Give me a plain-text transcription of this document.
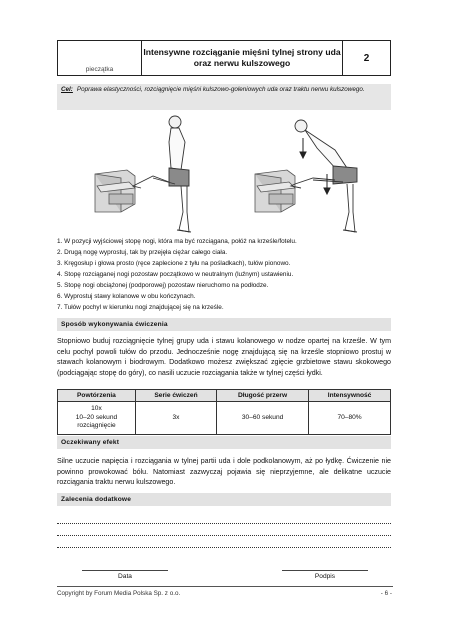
pieczątka
Intensywne rozciąganie mięśni tylnej strony uda oraz nerwu kulszowego	2
Cel: Poprawa elastyczności, rozciągnięcie mięśni kulszowo-goleniowych uda oraz traktu nerwu kulszowego.
1. W pozycji wyjściowej stopę nogi, która ma być rozciągana, połóż na krześle/fotelu.
2. Drugą nogę wyprostuj, tak by przejęła ciężar całego ciała.
3. Kręgosłup i głowa prosto (ręce zaplecione z tyłu na pośladkach), tułów pionowo.
4. Stopę rozciąganej nogi pozostaw początkowo w neutralnym (luźnym) ustawieniu.
5. Stopę nogi obciążonej (podporowej) pozostaw nieruchomo na podłodze.
6. Wyprostuj stawy kolanowe w obu kończynach.
7. Tułów pochyl w kierunku nogi znajdującej się na krześle.
Sposób wykonywania ćwiczenia
Stopniowo buduj rozciągnięcie tylnej grupy uda i stawu kolanowego w nodze opartej na krześle. W tym celu pochyl powoli tułów do przodu. Jednocześnie nogę znajdującą się na krześle stopniowo prostuj w stawach kolanowym i biodrowym. Dodatkowo możesz zwiększać zgięcie grzbietowe stawu skokowego (podciągając stopę do góry), co nasili uczucie rozciągania także w tylnej części łydki.
Powtórzenia	Serie ćwiczeń	Długość przerw	Intensywność

10x
10–20 sekund
rozciągnięcie	3x	30–60 sekund	70–80%
Oczekiwany efekt
Silne uczucie napięcia i rozciągania w tylnej partii uda i dole podkolanowym, aż po łydkę. Ćwiczenie nie powinno prowokować bólu. Natomiast zazwyczaj pojawia się nieprzyjemne, ale delikatne uczucie rozciągania traktu nerwu kulszowego.
Zalecenia dodatkowe
Data	Podpis
Copyright by Forum Media Polska Sp. z o.o.	- 6 -
